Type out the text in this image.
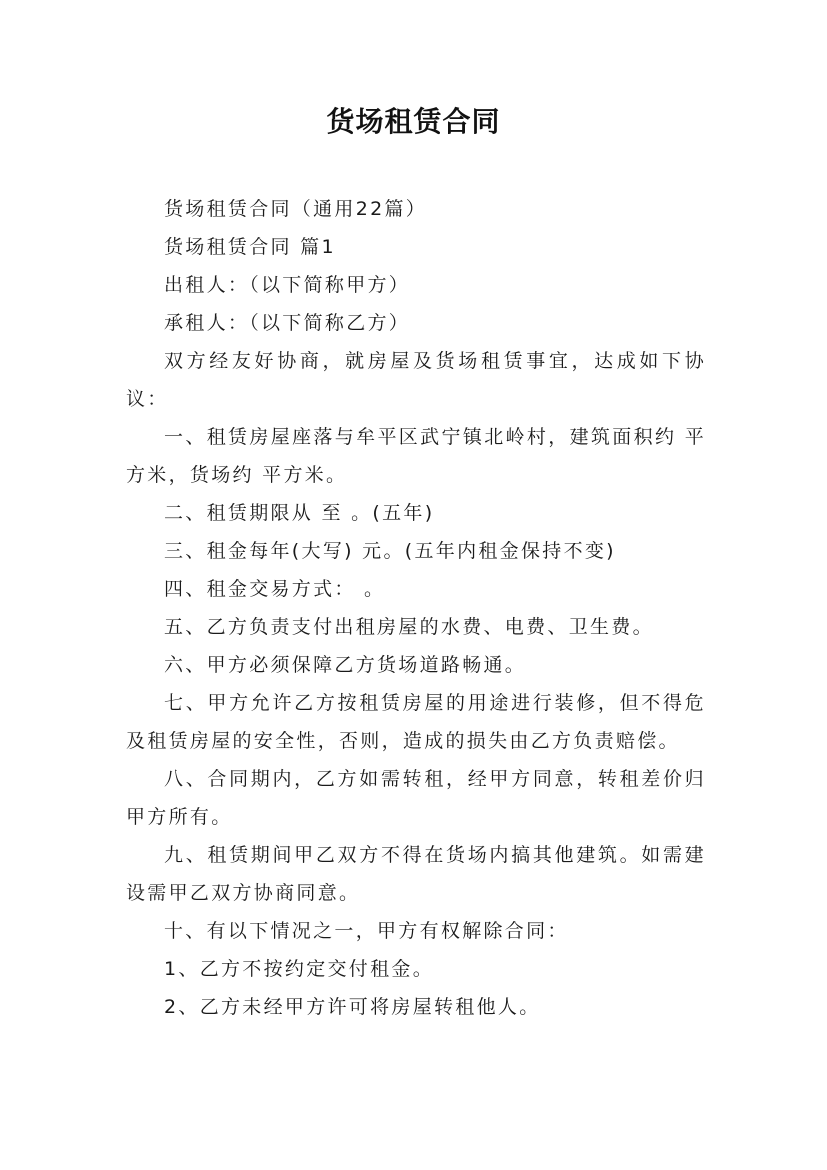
货场租赁合同

货场租赁合同（通用22篇）

货场租赁合同 篇1

出租人：（以下简称甲方）

承租人：（以下简称乙方）

双方经友好协商，就房屋及货场租赁事宜，达成如下协议：

一、租赁房屋座落与牟平区武宁镇北岭村，建筑面积约 平方米，货场约 平方米。

二、租赁期限从 至 。(五年)

三、租金每年(大写) 元。(五年内租金保持不变)

四、租金交易方式： 。

五、乙方负责支付出租房屋的水费、电费、卫生费。

六、甲方必须保障乙方货场道路畅通。

七、甲方允许乙方按租赁房屋的用途进行装修，但不得危及租赁房屋的安全性，否则，造成的损失由乙方负责赔偿。

八、合同期内，乙方如需转租，经甲方同意，转租差价归甲方所有。

九、租赁期间甲乙双方不得在货场内搞其他建筑。如需建设需甲乙双方协商同意。

十、有以下情况之一，甲方有权解除合同：

1、乙方不按约定交付租金。

2、乙方未经甲方许可将房屋转租他人。
